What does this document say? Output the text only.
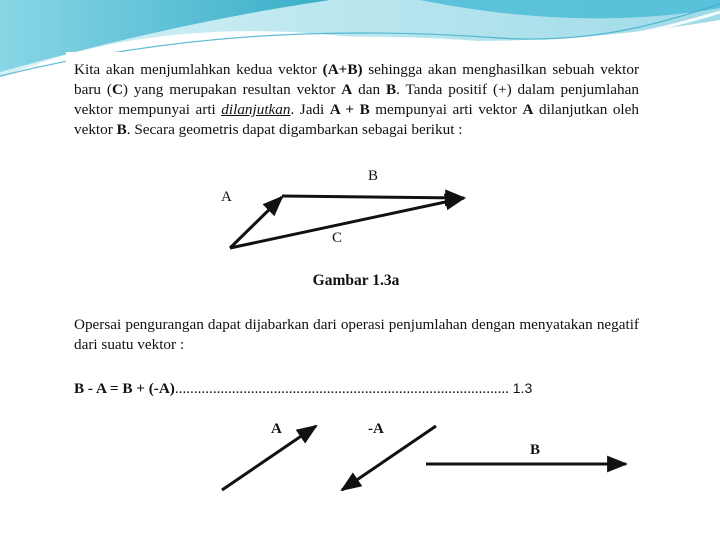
Kita akan menjumlahkan kedua vektor (A+B) sehingga akan menghasilkan sebuah vektor baru (C) yang merupakan resultan vektor A dan B. Tanda positif (+) dalam penjumlahan vektor mempunyai arti dilanjutkan. Jadi A + B mempunyai arti vektor A dilanjutkan oleh vektor B. Secara geometris dapat digambarkan sebagai berikut :

A
B
C
Gambar 1.3a

Opersai pengurangan dapat dijabarkan dari operasi penjumlahan dengan menyatakan negatif dari suatu vektor :

B - A = B + (-A)........................................................................................ 1.3
A	-A
B
